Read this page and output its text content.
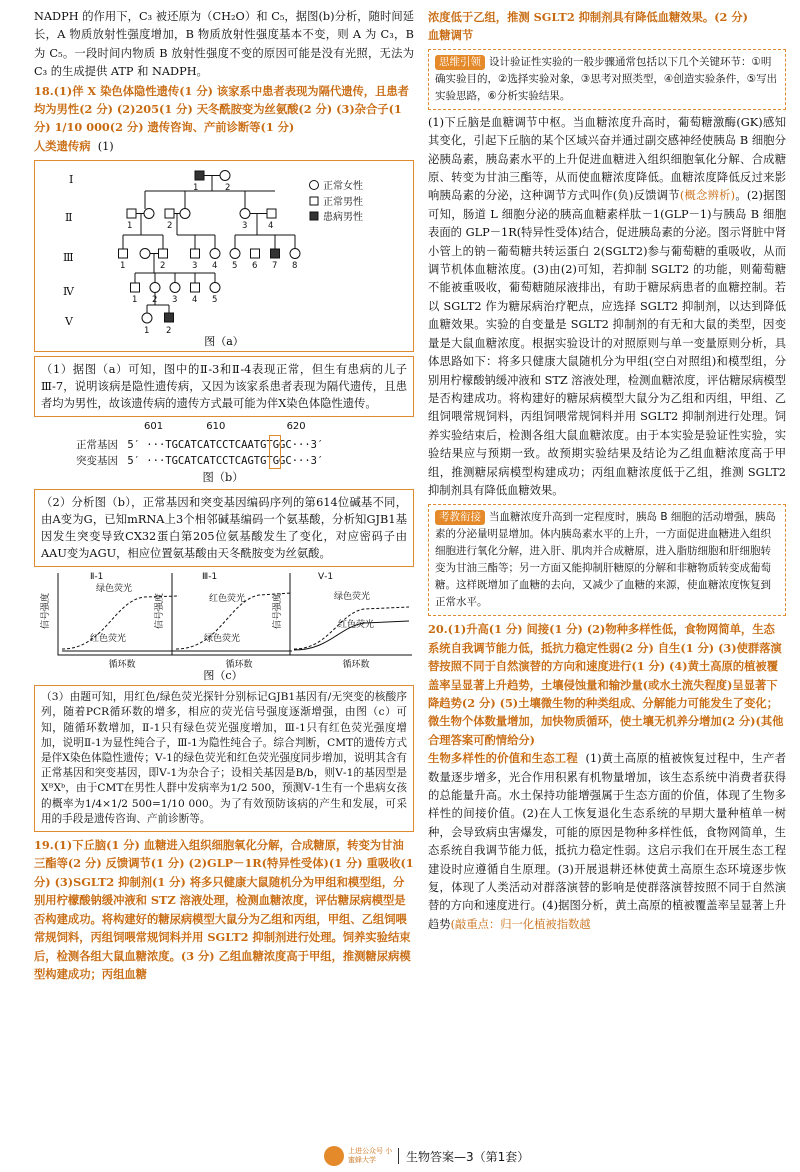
NADPH 的作用下，C₃ 被还原为（CH₂O）和 C₅，据图(b)分析，随时间延长，A 物质放射性强度增加，B 物质放射性强度基本不变，则 A 为 C₃，B 为 C₅。一段时间内物质 B 放射性强度不变的原因可能是没有光照，无法为 C₃ 的生成提供 ATP 和 NADPH。

18.(1)伴 X 染色体隐性遗传(1 分) 该家系中患者表现为隔代遗传，且患者均为男性(2 分) (2)205(1 分) 天冬酰胺变为丝氨酸(2 分) (3)杂合子(1 分) 1/10 000(2 分) 遗传咨询、产前诊断等(1 分)

人类遗传病 (1)

Ⅰ
Ⅱ
Ⅲ
Ⅳ
Ⅴ
1	2
1	2	3 4
1	2	3 4 5 6 7 8
1 2 3 4 5
1 2
正常女性
正常男性
患病男性
图（a）
（1）据图（a）可知，图中的Ⅱ-3和Ⅱ-4表现正常，但生有患病的儿子Ⅲ-7，说明该病是隐性遗传病，又因为该家系患者表现为隔代遗传，且患者均为男性，故该遗传病的遗传方式最可能为伴X染色体隐性遗传。
601	610	620
正常基因 5′ ···TGCATCATCCTCAATGTGGC···3′
突变基因 5′ ···TGCATCATCCTCAGTGTGGC···3′
图（b）
（2）分析图（b），正常基因和突变基因编码序列的第614位碱基不同，由A变为G，已知mRNA上3个相邻碱基编码一个氨基酸，分析知GJB1基因发生突变导致CX32蛋白第205位氨基酸发生了变化，对应密码子由AAU变为AGU，相应位置氨基酸由天冬酰胺变为丝氨酸。
信号强度
Ⅱ-1
绿色荧光
红色荧光
循环数
信号强度
Ⅲ-1
红色荧光
绿色荧光
循环数
信号强度
Ⅴ-1
绿色荧光
红色荧光
循环数
图（c）
（3）由题可知，用红色/绿色荧光探针分别标记GJB1基因有/无突变的核酸序列，随着PCR循环数的增多，相应的荧光信号强度逐渐增强，由图（c）可知，随循环数增加，Ⅱ-1只有绿色荧光强度增加，Ⅲ-1只有红色荧光强度增加，说明Ⅱ-1为显性纯合子，Ⅲ-1为隐性纯合子。综合判断，CMT的遗传方式是伴X染色体隐性遗传；Ⅴ-1的绿色荧光和红色荧光强度同步增加，说明其含有正常基因和突变基因，即Ⅴ-1为杂合子；设相关基因是B/b，则Ⅴ-1的基因型是XᴮXᵇ，由于CMT在男性人群中发病率为1/2 500，预测Ⅴ-1生有一个患病女孩的概率为1/4×1/2 500=1/10 000。为了有效预防该病的产生和发展，可采用的手段是遗传咨询、产前诊断等。

19.(1)下丘脑(1 分) 血糖进入组织细胞氧化分解，合成糖原，转变为甘油三酯等(2 分) 反馈调节(1 分) (2)GLP－1R(特异性受体)(1 分) 重吸收(1 分) (3)SGLT2 抑制剂(1 分) 将多只健康大鼠随机分为甲组和模型组，分别用柠檬酸钠缓冲液和 STZ 溶液处理，检测血糖浓度，评估糖尿病模型是否构建成功。将构建好的糖尿病模型大鼠分为乙组和丙组，甲组、乙组饲喂常规饲料，丙组饲喂常规饲料并用 SGLT2 抑制剂进行处理。饲养实验结束后，检测各组大鼠血糖浓度。(3 分) 乙组血糖浓度高于甲组，推测糖尿病模型构建成功；丙组血糖

浓度低于乙组，推测 SGLT2 抑制剂具有降低血糖效果。(2 分)

血糖调节

思维引领 设计验证性实验的一般步骤通常包括以下几个关键环节：①明确实验目的，②选择实验对象，③思考对照类型，④创造实验条件，⑤写出实验思路，⑥分析实验结果。

(1)下丘脑是血糖调节中枢。当血糖浓度升高时，葡萄糖激酶(GK)感知其变化，引起下丘脑的某个区域兴奋并通过副交感神经使胰岛 B 细胞分泌胰岛素，胰岛素水平的上升促进血糖进入组织细胞氧化分解、合成糖原、转变为甘油三酯等，从而使血糖浓度降低。血糖浓度降低反过来影响胰岛素的分泌，这种调节方式叫作(负)反馈调节(概念辨析)。(2)据图可知，肠道 L 细胞分泌的胰高血糖素样肽－1(GLP－1)与胰岛 B 细胞表面的 GLP－1R(特异性受体)结合，促进胰岛素的分泌。图示肾脏中肾小管上的钠－葡萄糖共转运蛋白 2(SGLT2)参与葡萄糖的重吸收，从而调节机体血糖浓度。(3)由(2)可知，若抑制 SGLT2 的功能，则葡萄糖不能被重吸收，葡萄糖随尿液排出，有助于糖尿病患者的血糖控制。若以 SGLT2 作为糖尿病治疗靶点，应选择 SGLT2 抑制剂，以达到降低血糖效果。实验的自变量是 SGLT2 抑制剂的有无和大鼠的类型，因变量是大鼠血糖浓度。根据实验设计的对照原则与单一变量原则分析，具体思路如下：将多只健康大鼠随机分为甲组(空白对照组)和模型组，分别用柠檬酸钠缓冲液和 STZ 溶液处理，检测血糖浓度，评估糖尿病模型是否构建成功。将构建好的糖尿病模型大鼠分为乙组和丙组，甲组、乙组饲喂常规饲料，丙组饲喂常规饲料并用 SGLT2 抑制剂进行处理。饲养实验结束后，检测各组大鼠血糖浓度。由于本实验是验证性实验，实验结果应与预期一致。故预期实验结果及结论为乙组血糖浓度高于甲组，推测糖尿病模型构建成功；丙组血糖浓度低于乙组，推测 SGLT2 抑制剂具有降低血糖效果。

考教衔接 当血糖浓度升高到一定程度时，胰岛 B 细胞的活动增强，胰岛素的分泌量明显增加。体内胰岛素水平的上升，一方面促进血糖进入组织细胞进行氧化分解，进入肝、肌肉并合成糖原，进入脂肪细胞和肝细胞转变为甘油三酯等；另一方面又能抑制肝糖原的分解和非糖物质转变成葡萄糖。这样既增加了血糖的去向，又减少了血糖的来源，使血糖浓度恢复到正常水平。

20.(1)升高(1 分) 间接(1 分) (2)物种多样性低，食物网简单，生态系统自我调节能力低，抵抗力稳定性弱(2 分) 自生(1 分) (3)使群落演替按照不同于自然演替的方向和速度进行(1 分) (4)黄土高原的植被覆盖率呈显著上升趋势，土壤侵蚀量和输沙量(或水土流失程度)呈显著下降趋势(2 分) (5)土壤微生物的种类组成、分解能力可能发生了变化；微生物个体数量增加，加快物质循环，使土壤无机养分增加(2 分)(其他合理答案可酌情给分)

生物多样性的价值和生态工程 (1)黄土高原的植被恢复过程中，生产者数量逐步增多，光合作用积累有机物量增加，该生态系统中消费者获得的总能量升高。水土保持功能增强属于生态方面的价值，体现了生物多样性的间接价值。(2)在人工恢复退化生态系统的早期大量种植单一树种，会导致病虫害爆发，可能的原因是物种多样性低，食物网简单，生态系统自我调节能力低，抵抗力稳定性弱。这启示我们在开展生态工程建设时应遵循自生原理。(3)开展退耕还林使黄土高原生态环境逐步恢复，体现了人类活动对群落演替的影响是使群落演替按照不同于自然演替的方向和速度进行。(4)据图分析，黄土高原的植被覆盖率呈显著上升趋势(敲重点：归一化植被指数越

上进公众号 小蜜蜂大学	生物答案—3（第1套）
